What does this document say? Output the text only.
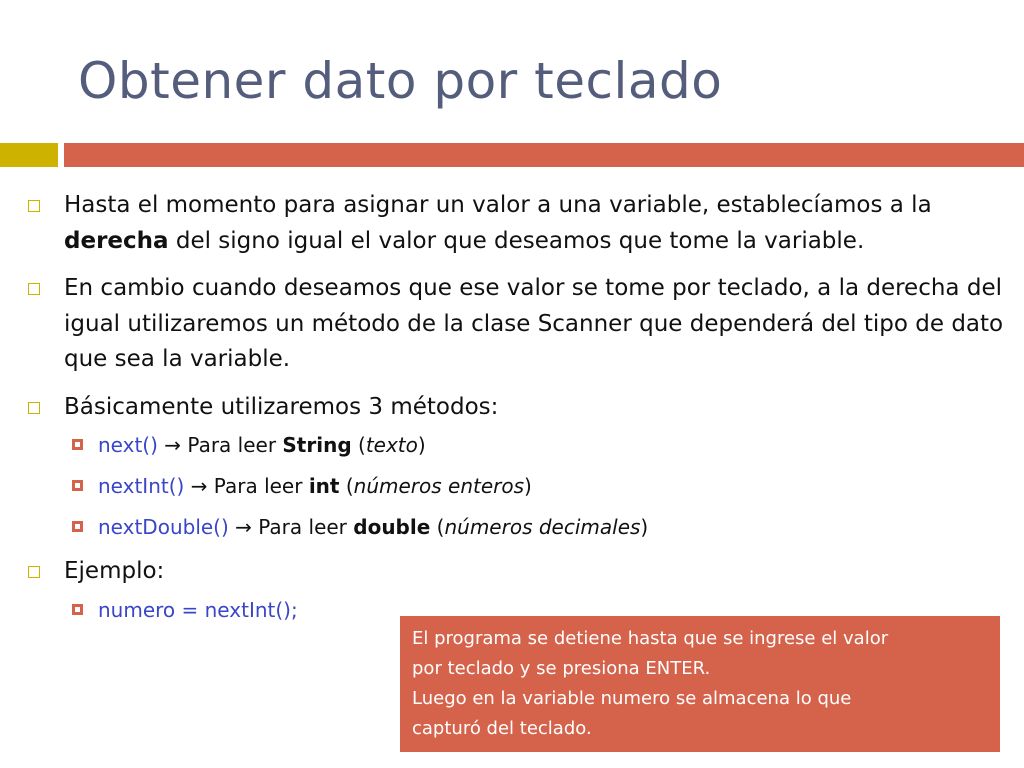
Obtener dato por teclado
Hasta el momento para asignar un valor a una variable, establecíamos a la derecha del signo igual el valor que deseamos que tome la variable.
En cambio cuando deseamos que ese valor se tome por teclado, a la derecha del igual utilizaremos un método de la clase Scanner que dependerá del tipo de dato que sea la variable.
Básicamente utilizaremos 3 métodos:
next() → Para leer String (texto)
nextInt() → Para leer int (números enteros)
nextDouble() → Para leer double (números decimales)
Ejemplo:
numero = nextInt();
El programa se detiene hasta que se ingrese el valor
por teclado y se presiona ENTER.
Luego en la variable numero se almacena lo que
capturó del teclado.
